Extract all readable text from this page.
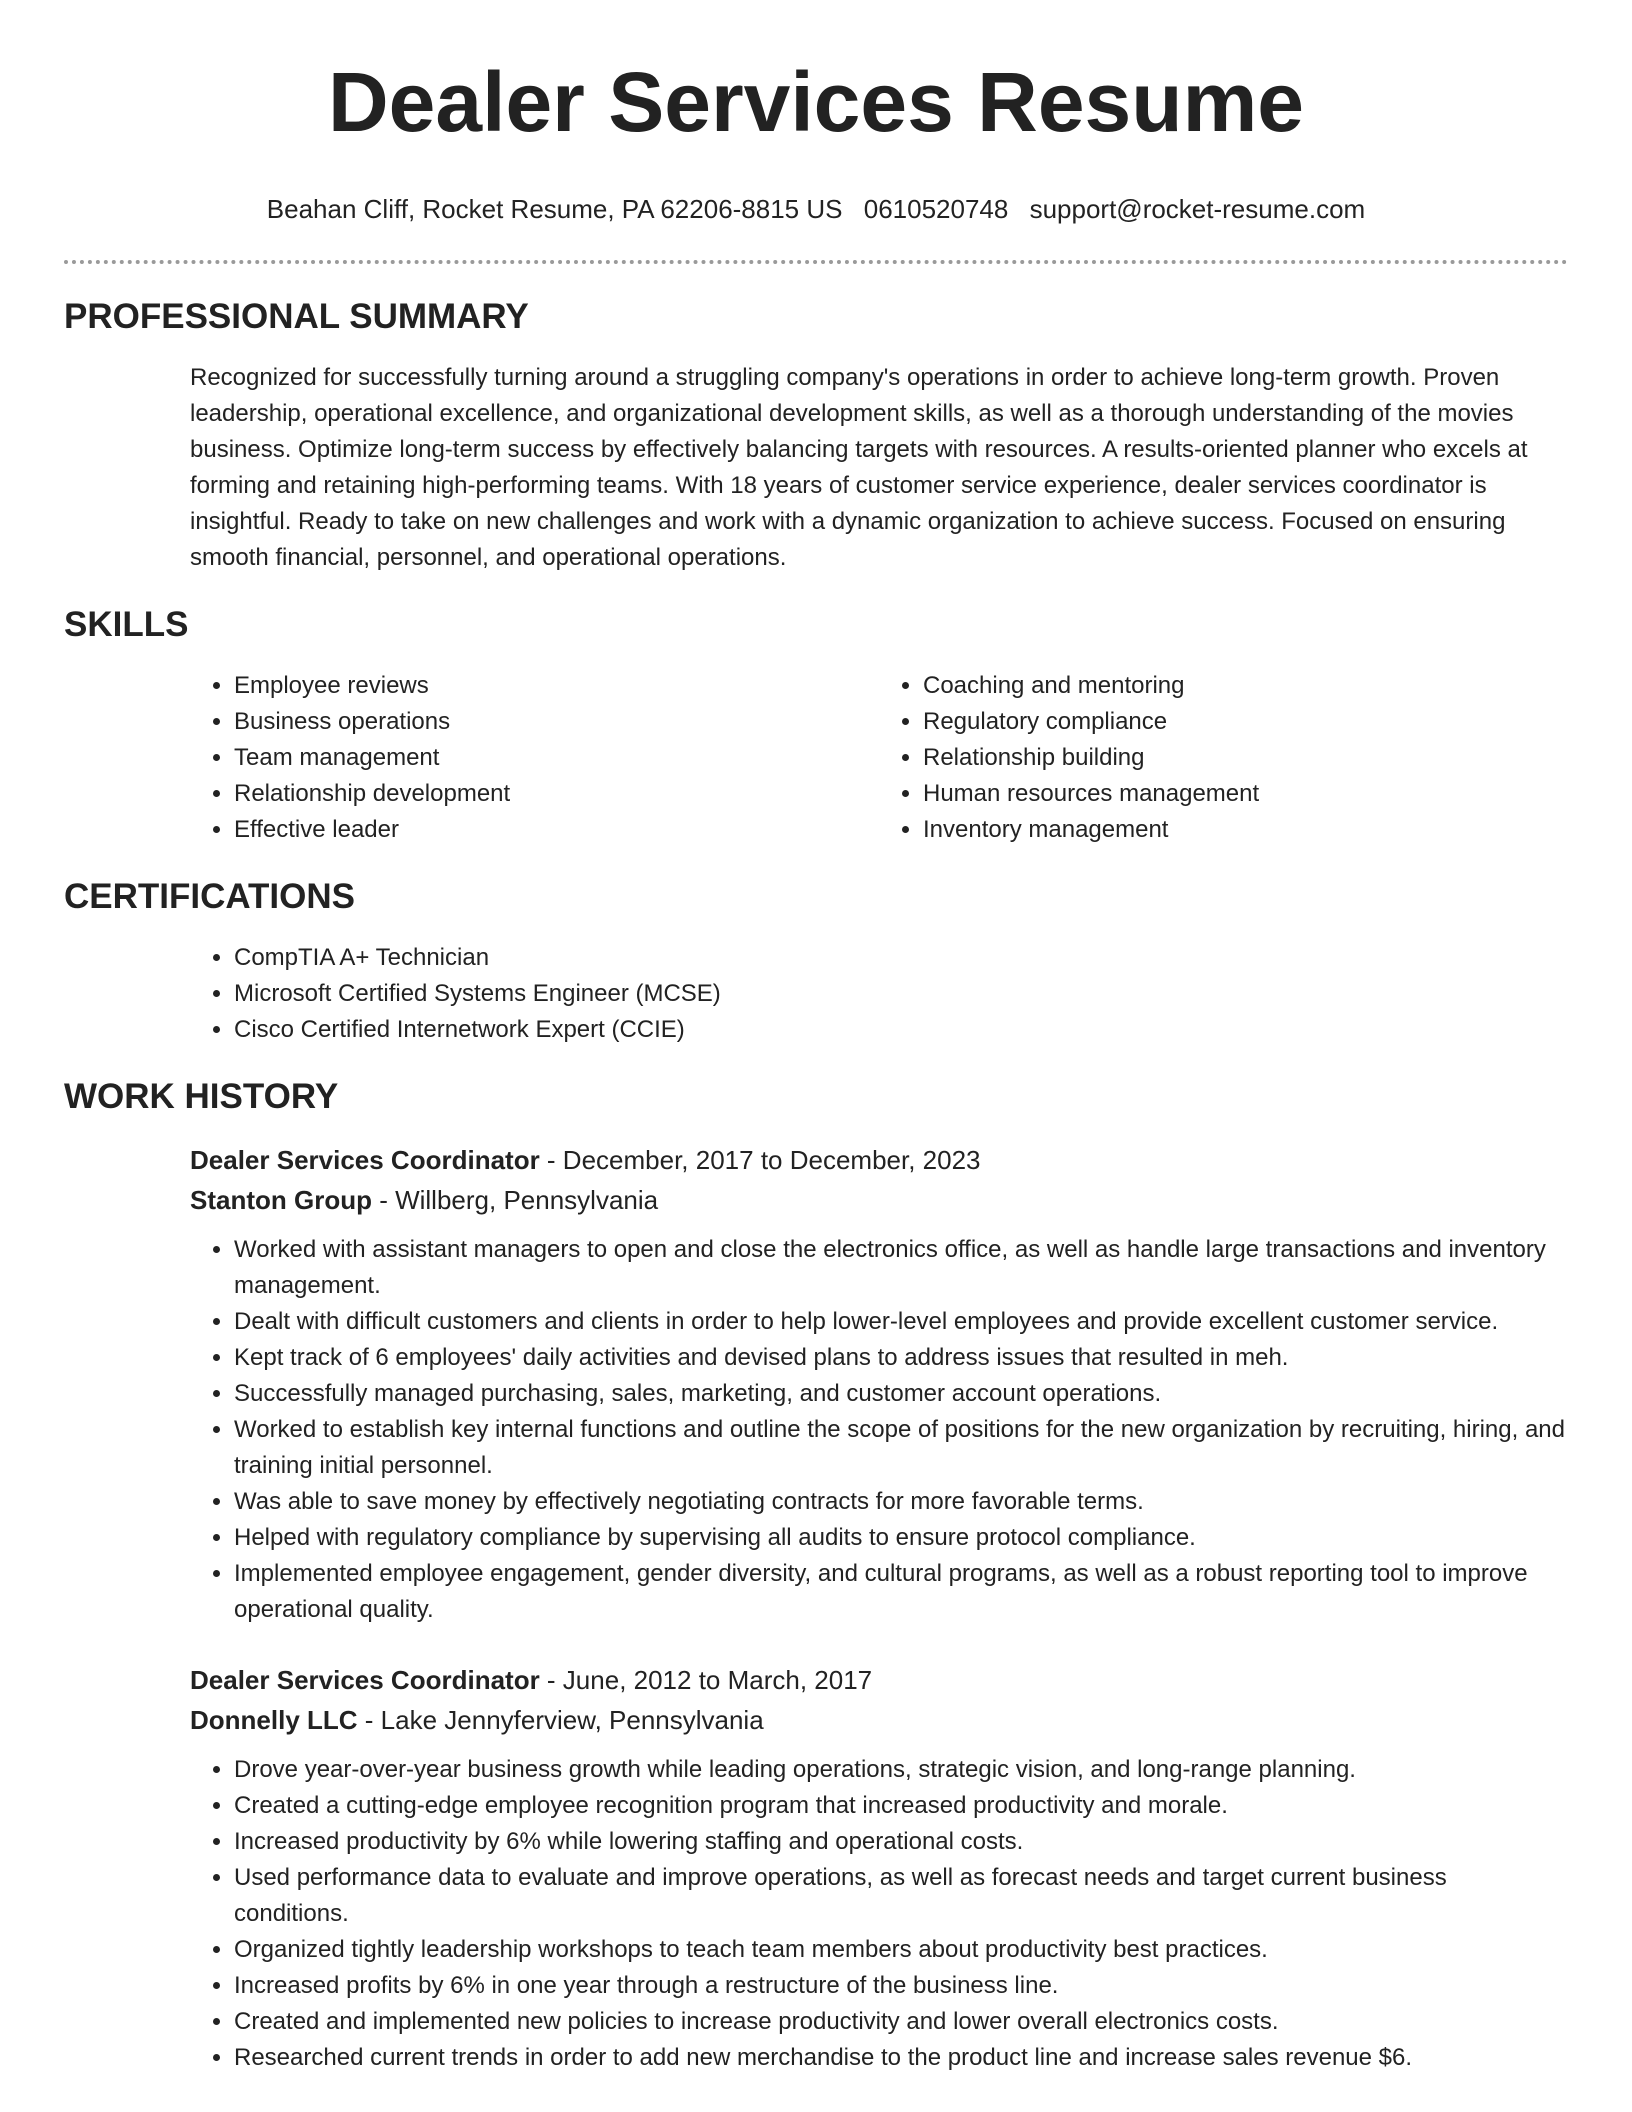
Dealer Services Resume
Beahan Cliff, Rocket Resume, PA 62206-8815 US 0610520748 support@rocket-resume.com
PROFESSIONAL SUMMARY

Recognized for successfully turning around a struggling company's operations in order to achieve long-term growth. Proven leadership, operational excellence, and organizational development skills, as well as a thorough understanding of the movies business. Optimize long-term success by effectively balancing targets with resources. A results-oriented planner who excels at forming and retaining high-performing teams. With 18 years of customer service experience, dealer services coordinator is insightful. Ready to take on new challenges and work with a dynamic organization to achieve success. Focused on ensuring smooth financial, personnel, and operational operations.

SKILLS
• Employee reviews
• Business operations
• Team management
• Relationship development
• Effective leader
• Coaching and mentoring
• Regulatory compliance
• Relationship building
• Human resources management
• Inventory management
CERTIFICATIONS
• CompTIA A+ Technician
• Microsoft Certified Systems Engineer (MCSE)
• Cisco Certified Internetwork Expert (CCIE)
WORK HISTORY

Dealer Services Coordinator - December, 2017 to December, 2023

Stanton Group - Willberg, Pennsylvania

• Worked with assistant managers to open and close the electronics office, as well as handle large transactions and inventory management.
• Dealt with difficult customers and clients in order to help lower-level employees and provide excellent customer service.
• Kept track of 6 employees' daily activities and devised plans to address issues that resulted in meh.
• Successfully managed purchasing, sales, marketing, and customer account operations.
• Worked to establish key internal functions and outline the scope of positions for the new organization by recruiting, hiring, and training initial personnel.
• Was able to save money by effectively negotiating contracts for more favorable terms.
• Helped with regulatory compliance by supervising all audits to ensure protocol compliance.
• Implemented employee engagement, gender diversity, and cultural programs, as well as a robust reporting tool to improve operational quality.

Dealer Services Coordinator - June, 2012 to March, 2017

Donnelly LLC - Lake Jennyferview, Pennsylvania

• Drove year-over-year business growth while leading operations, strategic vision, and long-range planning.
• Created a cutting-edge employee recognition program that increased productivity and morale.
• Increased productivity by 6% while lowering staffing and operational costs.
• Used performance data to evaluate and improve operations, as well as forecast needs and target current business conditions.
• Organized tightly leadership workshops to teach team members about productivity best practices.
• Increased profits by 6% in one year through a restructure of the business line.
• Created and implemented new policies to increase productivity and lower overall electronics costs.
• Researched current trends in order to add new merchandise to the product line and increase sales revenue $6.
